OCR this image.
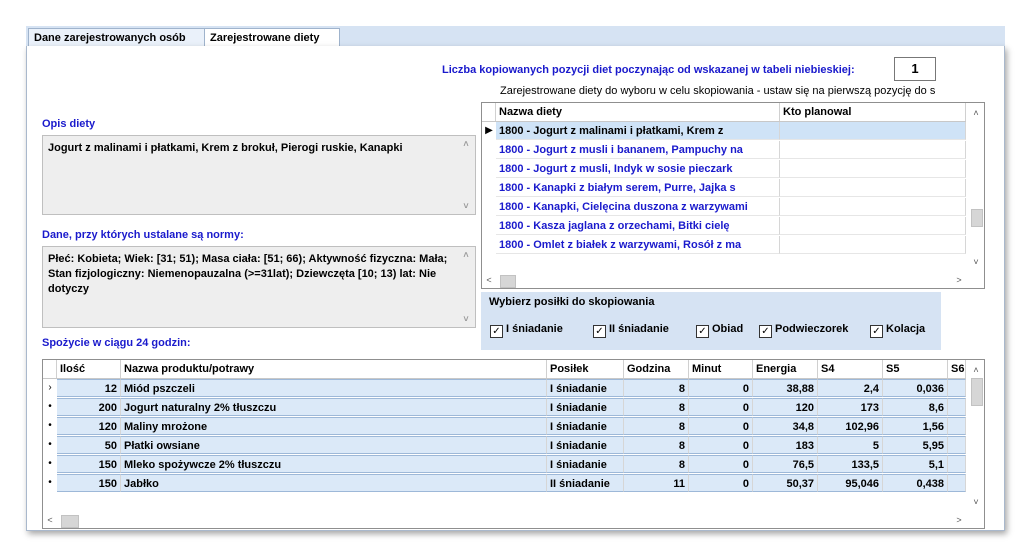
Dane zarejestrowanych osób	Zarejestrowane diety
Liczba kopiowanych pozycji diet poczynając od wskazanej w tabeli niebieskiej:	1
Zarejestrowane diety do wyboru w celu skopiowania - ustaw się na pierwszą pozycję do s
Opis diety
Jogurt z malinami i płatkami, Krem z brokuł, Pierogi ruskie, Kanapki	˄
˅
Dane, przy których ustalane są normy:
Płeć: Kobieta; Wiek: [31; 51); Masa ciała: [51; 66); Aktywność fizyczna: Mała; Stan fizjologiczny: Niemenopauzalna (>=31lat); Dziewczęta [10; 13) lat: Nie dotyczy
˄
˅
Nazwa diety	Kto planowal
▶ 1800 - Jogurt z malinami i płatkami, Krem z
1800 - Jogurt z musli i bananem, Pampuchy na
1800 - Jogurt z musli, Indyk w sosie pieczark
1800 - Kanapki z białym serem, Purre, Jajka s
1800 - Kanapki, Cielęcina duszona z warzywami
1800 - Kasza jaglana z orzechami, Bitki cielę
1800 - Omlet z białek z warzywami, Rosół z ma
˄
˅
˂	˃
Wybierz posiłki do skopiowania
✓ I śniadanie	✓ II śniadanie	✓ Obiad ✓ Podwieczorek ✓ Kolacja
Spożycie w ciągu 24 godzin:
Ilość	Nazwa produktu/potrawy	Posiłek	Godzina	Minut	Energia	S4	S5	S6
›	12 Miód pszczeli	I śniadanie	8	0	38,88	2,4	0,036
•	200 Jogurt naturalny 2% tłuszczu	I śniadanie	8	0	120	173	8,6
•	120 Maliny mrożone	I śniadanie	8	0	34,8	102,96	1,56
•	50 Płatki owsiane	I śniadanie	8	0	183	5	5,95
•	150 Mleko spożywcze 2% tłuszczu	I śniadanie	8	0	76,5	133,5	5,1
•	150 Jabłko	II śniadanie	11	0	50,37	95,046	0,438
˄
˅
˂	˃
